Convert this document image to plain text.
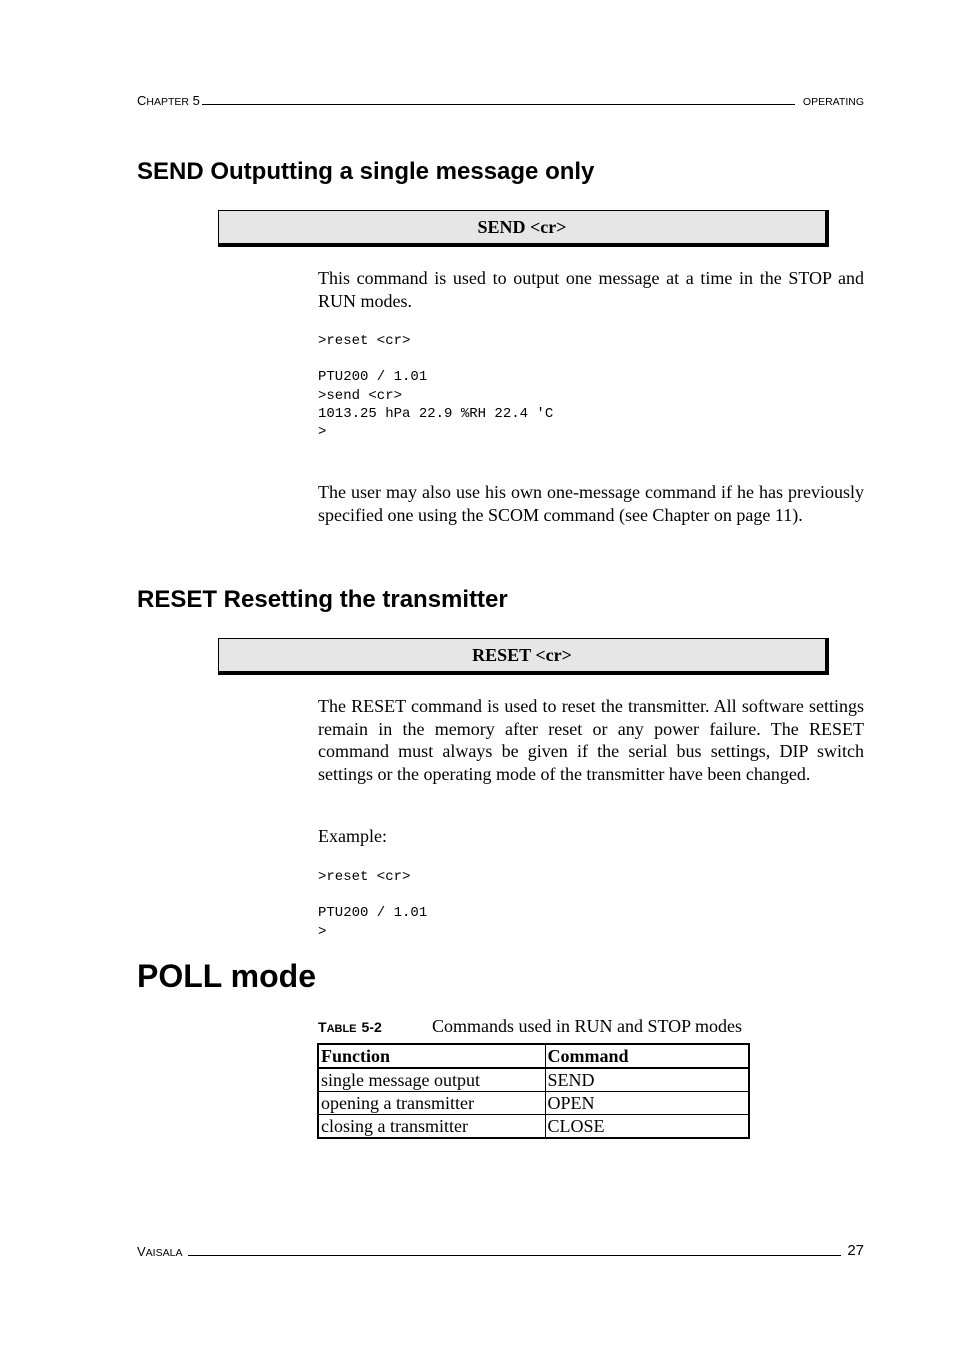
CHAPTER 5	OPERATING
SEND Outputting a single message only
SEND <cr>

This command is used to output one message at a time in the STOP and RUN modes.

>reset <cr>

PTU200 / 1.01
>send <cr>
1013.25 hPa 22.9 %RH 22.4 'C
>

The user may also use his own one-message command if he has previously specified one using the SCOM command (see Chapter on page 11).

RESET Resetting the transmitter
RESET <cr>

The RESET command is used to reset the transmitter. All software settings remain in the memory after reset or any power failure. The RESET command must always be given if the serial bus settings, DIP switch settings or the operating mode of the transmitter have been changed.

Example:

>reset <cr>

PTU200 / 1.01
>
POLL mode
TABLE 5-2	Commands used in RUN and STOP modes
Function	Command
single message output	SEND
opening a transmitter	OPEN
closing a transmitter	CLOSE
VAISALA	27
